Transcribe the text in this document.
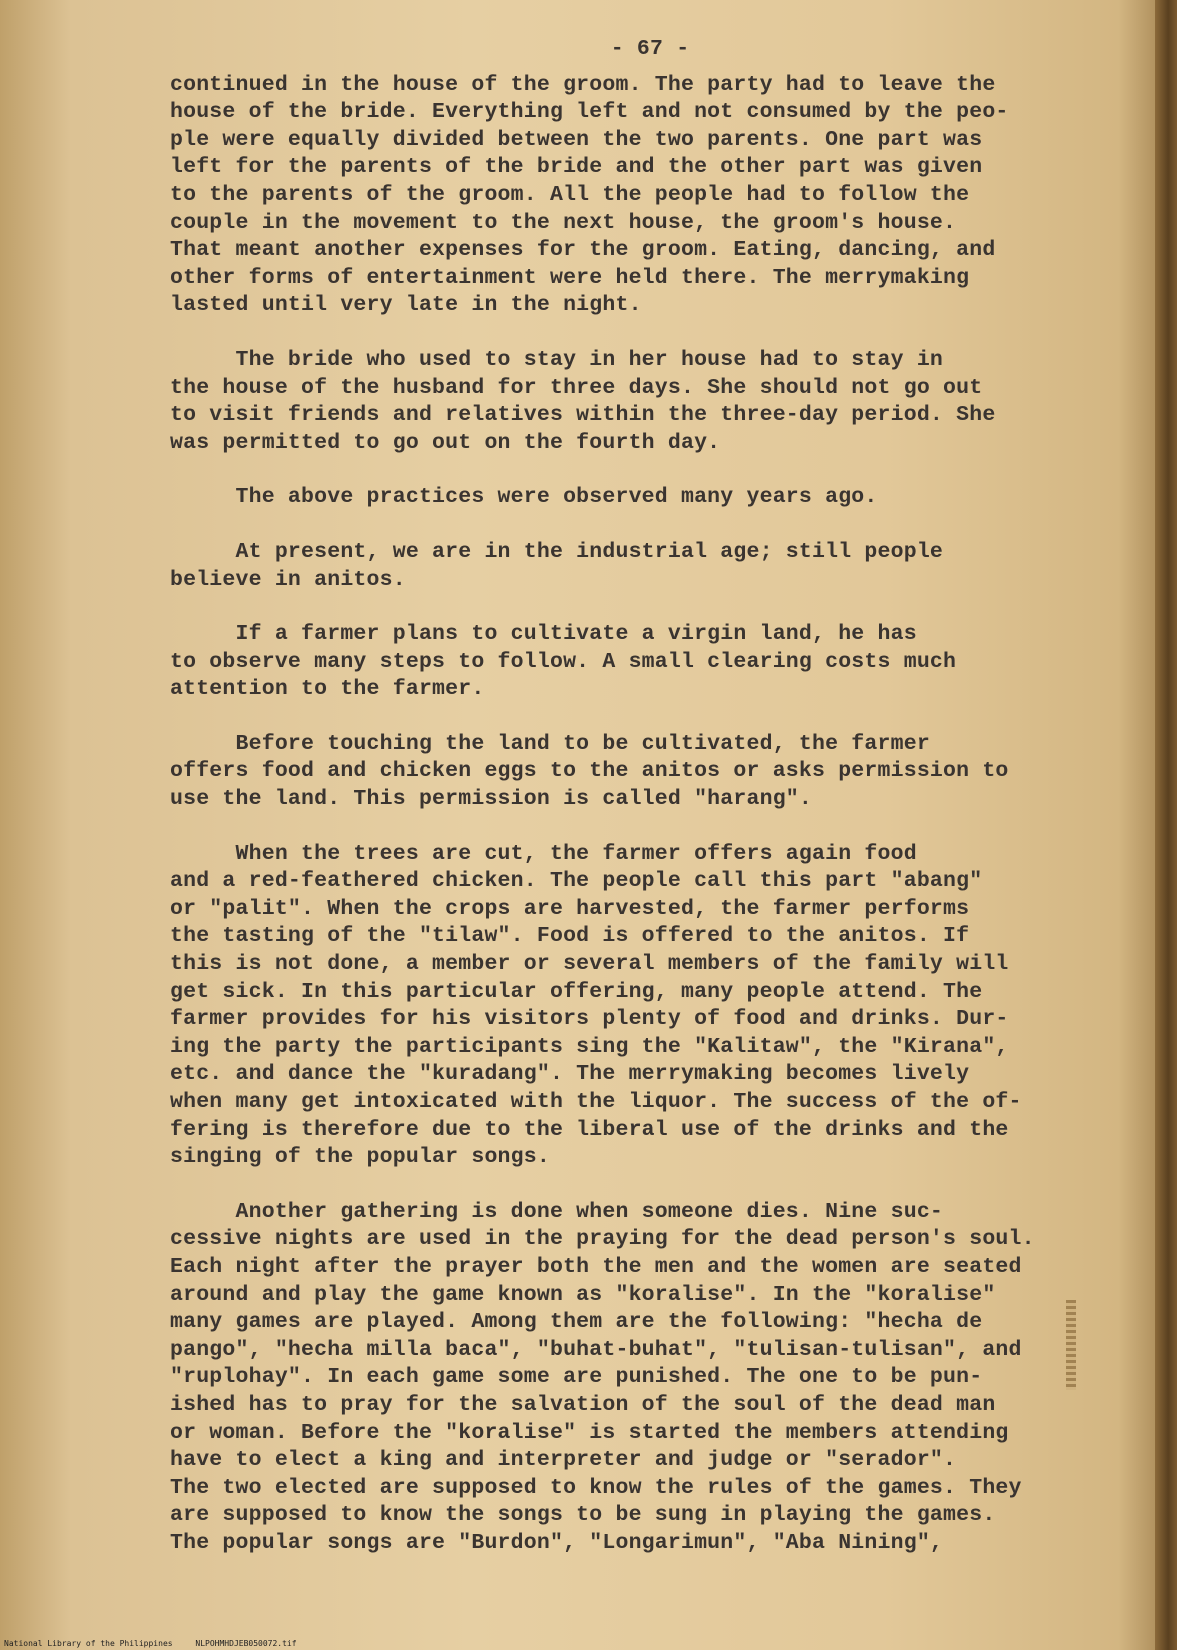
- 67 -
continued in the house of the groom. The party had to leave the
house of the bride. Everything left and not consumed by the peo-
ple were equally divided between the two parents. One part was
left for the parents of the bride and the other part was given
to the parents of the groom. All the people had to follow the
couple in the movement to the next house, the groom's house.
That meant another expenses for the groom. Eating, dancing, and
other forms of entertainment were held there. The merrymaking
lasted until very late in the night.
The bride who used to stay in her house had to stay in
the house of the husband for three days. She should not go out
to visit friends and relatives within the three-day period. She
was permitted to go out on the fourth day.
The above practices were observed many years ago.
At present, we are in the industrial age; still people
believe in anitos.
If a farmer plans to cultivate a virgin land, he has
to observe many steps to follow. A small clearing costs much
attention to the farmer.
Before touching the land to be cultivated, the farmer
offers food and chicken eggs to the anitos or asks permission to
use the land. This permission is called "harang".
When the trees are cut, the farmer offers again food
and a red-feathered chicken. The people call this part "abang"
or "palit". When the crops are harvested, the farmer performs
the tasting of the "tilaw". Food is offered to the anitos. If
this is not done, a member or several members of the family will
get sick. In this particular offering, many people attend. The
farmer provides for his visitors plenty of food and drinks. Dur-
ing the party the participants sing the "Kalitaw", the "Kirana",
etc. and dance the "kuradang". The merrymaking becomes lively
when many get intoxicated with the liquor. The success of the of-
fering is therefore due to the liberal use of the drinks and the
singing of the popular songs.
Another gathering is done when someone dies. Nine suc-
cessive nights are used in the praying for the dead person's soul.
Each night after the prayer both the men and the women are seated
around and play the game known as "koralise". In the "koralise"
many games are played. Among them are the following: "hecha de
pango", "hecha milla baca", "buhat-buhat", "tulisan-tulisan", and
"ruplohay". In each game some are punished. The one to be pun-
ished has to pray for the salvation of the soul of the dead man
or woman. Before the "koralise" is started the members attending
have to elect a king and interpreter and judge or "serador".
The two elected are supposed to know the rules of the games. They
are supposed to know the songs to be sung in playing the games.
The popular songs are "Burdon", "Longarimun", "Aba Nining",
National Library of the Philippines	NLPOHMHDJEB050072.tif
